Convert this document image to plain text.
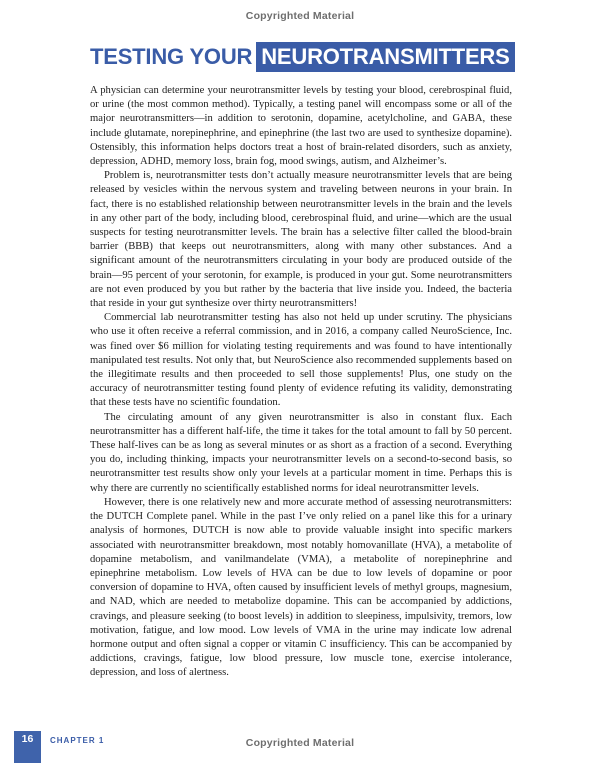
Copyrighted Material
TESTING YOUR NEUROTRANSMITTERS

A physician can determine your neurotransmitter levels by testing your blood, cerebrospinal fluid, or urine (the most common method). Typically, a testing panel will encompass some or all of the major neurotransmitters—in addition to serotonin, dopamine, acetylcholine, and GABA, these include glutamate, norepinephrine, and epinephrine (the last two are used to synthesize dopamine). Ostensibly, this information helps doctors treat a host of brain-related disorders, such as anxiety, depression, ADHD, memory loss, brain fog, mood swings, autism, and Alzheimer’s.

Problem is, neurotransmitter tests don’t actually measure neurotransmitter levels that are being released by vesicles within the nervous system and traveling between neurons in your brain. In fact, there is no established relationship between neurotransmitter levels in the brain and the levels in any other part of the body, including blood, cerebrospinal fluid, and urine—which are the usual suspects for testing neurotransmitter levels. The brain has a selective filter called the blood-brain barrier (BBB) that keeps out neurotransmitters, along with many other substances. And a significant amount of the neurotransmitters circulating in your body are produced outside of the brain—95 percent of your serotonin, for example, is produced in your gut. Some neurotransmitters are not even produced by you but rather by the bacteria that live inside you. Indeed, the bacteria that reside in your gut synthesize over thirty neurotransmitters!

Commercial lab neurotransmitter testing has also not held up under scrutiny. The physicians who use it often receive a referral commission, and in 2016, a company called NeuroScience, Inc. was fined over $6 million for violating testing requirements and was found to have intentionally manipulated test results. Not only that, but NeuroScience also recommended supplements based on the illegitimate results and then proceeded to sell those supplements! Plus, one study on the accuracy of neurotransmitter testing found plenty of evidence refuting its validity, demonstrating that these tests have no scientific foundation.

The circulating amount of any given neurotransmitter is also in constant flux. Each neurotransmitter has a different half-life, the time it takes for the total amount to fall by 50 percent. These half-lives can be as long as several minutes or as short as a fraction of a second. Everything you do, including thinking, impacts your neurotransmitter levels on a second-to-second basis, so neurotransmitter test results show only your levels at a particular moment in time. Perhaps this is why there are currently no scientifically established norms for ideal neurotransmitter levels.

However, there is one relatively new and more accurate method of assessing neurotransmitters: the DUTCH Complete panel. While in the past I’ve only relied on a panel like this for a urinary analysis of hormones, DUTCH is now able to provide valuable insight into specific markers associated with neurotransmitter breakdown, most notably homovanillate (HVA), a metabolite of dopamine metabolism, and vanilmandelate (VMA), a metabolite of norepinephrine and epinephrine metabolism. Low levels of HVA can be due to low levels of dopamine or poor conversion of dopamine to HVA, often caused by insufficient levels of methyl groups, magnesium, and NAD, which are needed to metabolize dopamine. This can be accompanied by addictions, cravings, and pleasure seeking (to boost levels) in addition to sleepiness, impulsivity, tremors, low motivation, fatigue, and low mood. Low levels of VMA in the urine may indicate low adrenal hormone output and often signal a copper or vitamin C insufficiency. This can be accompanied by addictions, cravings, fatigue, low blood pressure, low muscle tone, exercise intolerance, depression, and loss of alertness.

16	CHAPTER 1	Copyrighted Material
